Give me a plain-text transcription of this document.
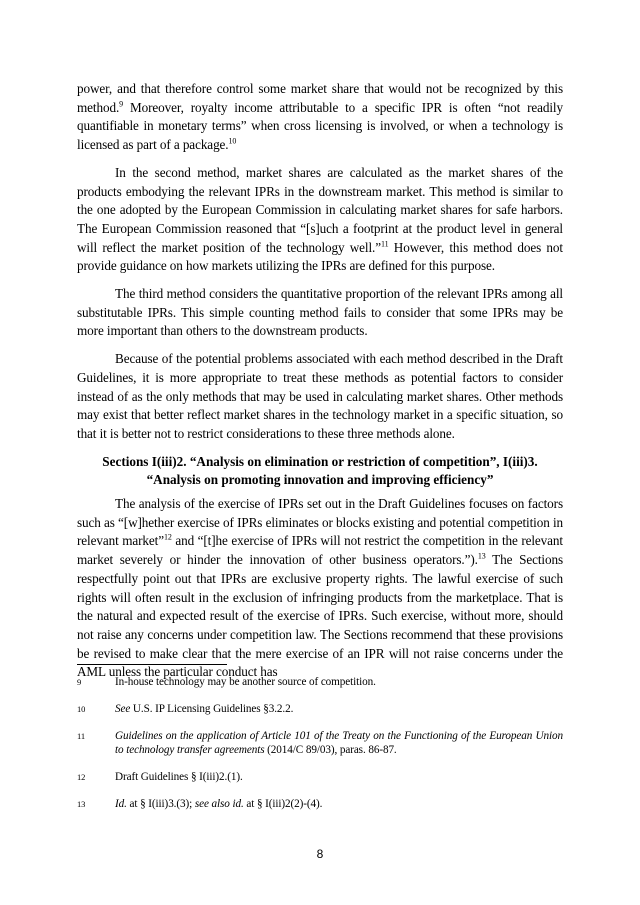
power, and that therefore control some market share that would not be recognized by this method.$^9$ Moreover, royalty income attributable to a specific IPR is often “not readily quantifiable in monetary terms” when cross licensing is involved, or when a technology is licensed as part of a package.$^{10}$

In the second method, market shares are calculated as the market shares of the products embodying the relevant IPRs in the downstream market. This method is similar to the one adopted by the European Commission in calculating market shares for safe harbors. The European Commission reasoned that “[s]uch a footprint at the product level in general will reflect the market position of the technology well.”$^{11}$ However, this method does not provide guidance on how markets utilizing the IPRs are defined for this purpose.

The third method considers the quantitative proportion of the relevant IPRs among all substitutable IPRs. This simple counting method fails to consider that some IPRs may be more important than others to the downstream products.

Because of the potential problems associated with each method described in the Draft Guidelines, it is more appropriate to treat these methods as potential factors to consider instead of as the only methods that may be used in calculating market shares. Other methods may exist that better reflect market shares in the technology market in a specific situation, so that it is better not to restrict considerations to these three methods alone.

Sections I(iii)2. “Analysis on elimination or restriction of competition”, I(iii)3. “Analysis on promoting innovation and improving efficiency”

The analysis of the exercise of IPRs set out in the Draft Guidelines focuses on factors such as “[w]hether exercise of IPRs eliminates or blocks existing and potential competition in relevant market”$^{12}$ and “[t]he exercise of IPRs will not restrict the competition in the relevant market severely or hinder the innovation of other business operators.”).$^{13}$ The Sections respectfully point out that IPRs are exclusive property rights. The lawful exercise of such rights will often result in the exclusion of infringing products from the marketplace. That is the natural and expected result of the exercise of IPRs. Such exercise, without more, should not raise any concerns under competition law. The Sections recommend that these provisions be revised to make clear that the mere exercise of an IPR will not raise concerns under the AML unless the particular conduct has

9	In-house technology may be another source of competition.
10	See U.S. IP Licensing Guidelines §3.2.2.
11	Guidelines on the application of Article 101 of the Treaty on the Functioning of the European Union to technology transfer agreements (2014/C 89/03), paras. 86-87.
12	Draft Guidelines § I(iii)2.(1).
13	Id. at § I(iii)3.(3); see also id. at § I(iii)2(2)-(4).
8
